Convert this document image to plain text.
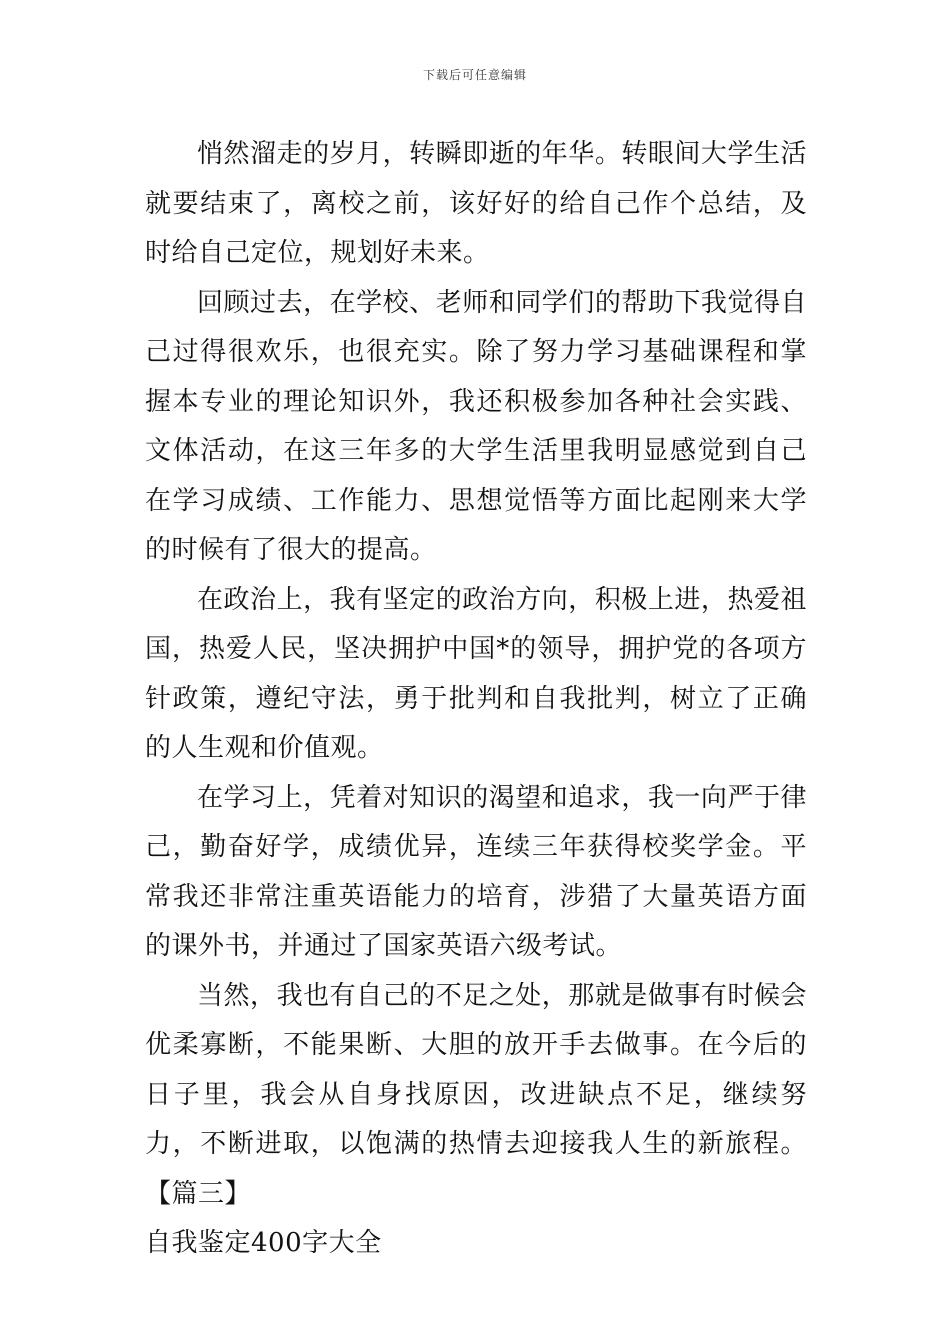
下载后可任意编辑

悄然溜走的岁月，转瞬即逝的年华。转眼间大学生活就要结束了，离校之前，该好好的给自己作个总结，及时给自己定位，规划好未来。

回顾过去，在学校、老师和同学们的帮助下我觉得自己过得很欢乐，也很充实。除了努力学习基础课程和掌握本专业的理论知识外，我还积极参加各种社会实践、文体活动，在这三年多的大学生活里我明显感觉到自己在学习成绩、工作能力、思想觉悟等方面比起刚来大学的时候有了很大的提高。

在政治上，我有坚定的政治方向，积极上进，热爱祖国，热爱人民，坚决拥护中国*的领导，拥护党的各项方针政策，遵纪守法，勇于批判和自我批判，树立了正确的人生观和价值观。

在学习上，凭着对知识的渴望和追求，我一向严于律己，勤奋好学，成绩优异，连续三年获得校奖学金。平常我还非常注重英语能力的培育，涉猎了大量英语方面的课外书，并通过了国家英语六级考试。

当然，我也有自己的不足之处，那就是做事有时候会优柔寡断，不能果断、大胆的放开手去做事。在今后的日子里，我会从自身找原因，改进缺点不足，继续努力，不断进取，以饱满的热情去迎接我人生的新旅程。【篇三】

自我鉴定400字大全
